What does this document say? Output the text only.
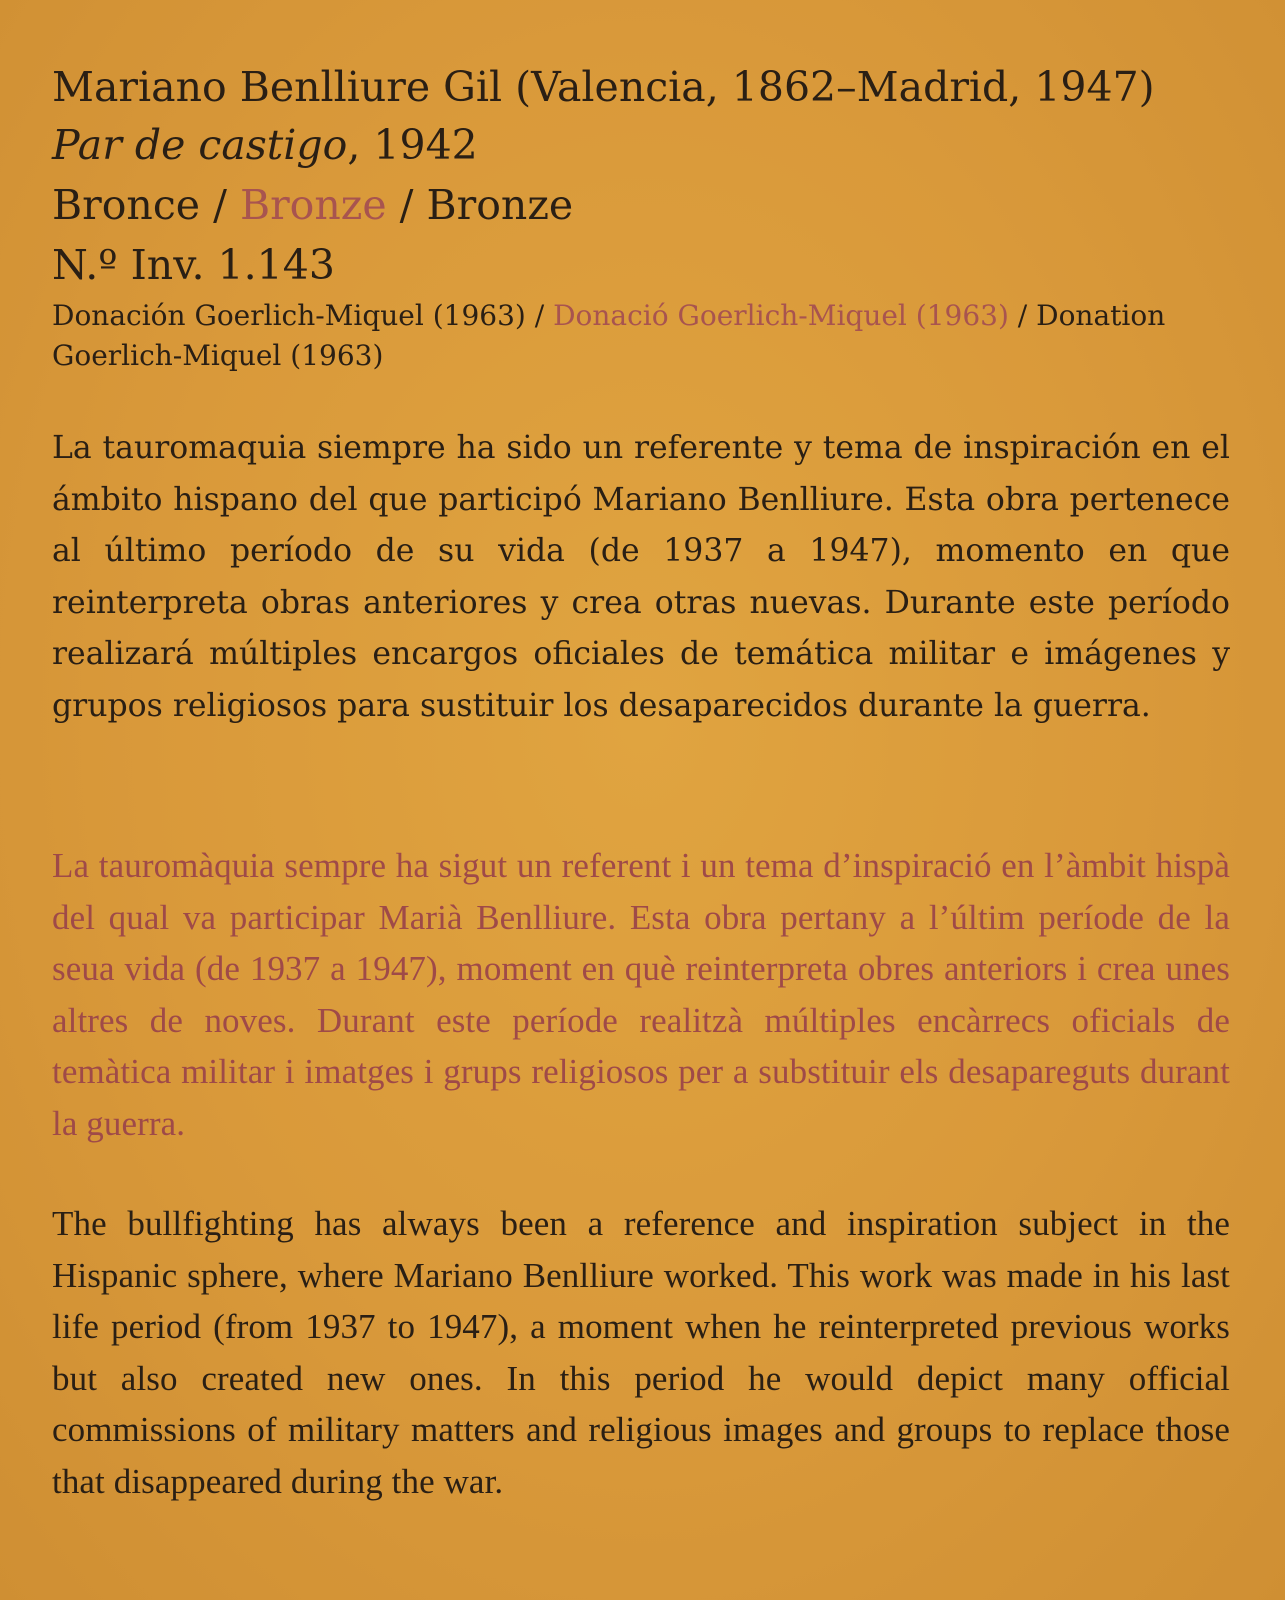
Mariano Benlliure Gil (Valencia, 1862–Madrid, 1947)

Par de castigo, 1942

Bronce / Bronze / Bronze

N.º Inv. 1.143

Donación Goerlich-Miquel (1963) / Donació Goerlich-Miquel (1963) / Donation Goerlich-Miquel (1963)

La tauromaquia siempre ha sido un referente y tema de inspiración en el ámbito hispano del que participó Mariano Benlliure. Esta obra pertenece al último período de su vida (de 1937 a 1947), momento en que reinterpreta obras anteriores y crea otras nuevas. Durante este período realizará múltiples encargos oficiales de temática militar e imágenes y grupos religiosos para sustituir los desaparecidos durante la guerra.

La tauromàquia sempre ha sigut un referent i un tema d’inspiració en l’àmbit hispà del qual va participar Marià Benlliure. Esta obra pertany a l’últim període de la seua vida (de 1937 a 1947), moment en què reinterpreta obres anteriors i crea unes altres de noves. Durant este període realitzà múltiples encàrrecs oficials de temàtica militar i imatges i grups religiosos per a substituir els desapareguts durant la guerra.

The bullfighting has always been a reference and inspiration subject in the Hispanic sphere, where Mariano Benlliure worked. This work was made in his last life period (from 1937 to 1947), a moment when he reinterpreted previous works but also created new ones. In this period he would depict many official commissions of military matters and religious images and groups to replace those that disappeared during the war.
